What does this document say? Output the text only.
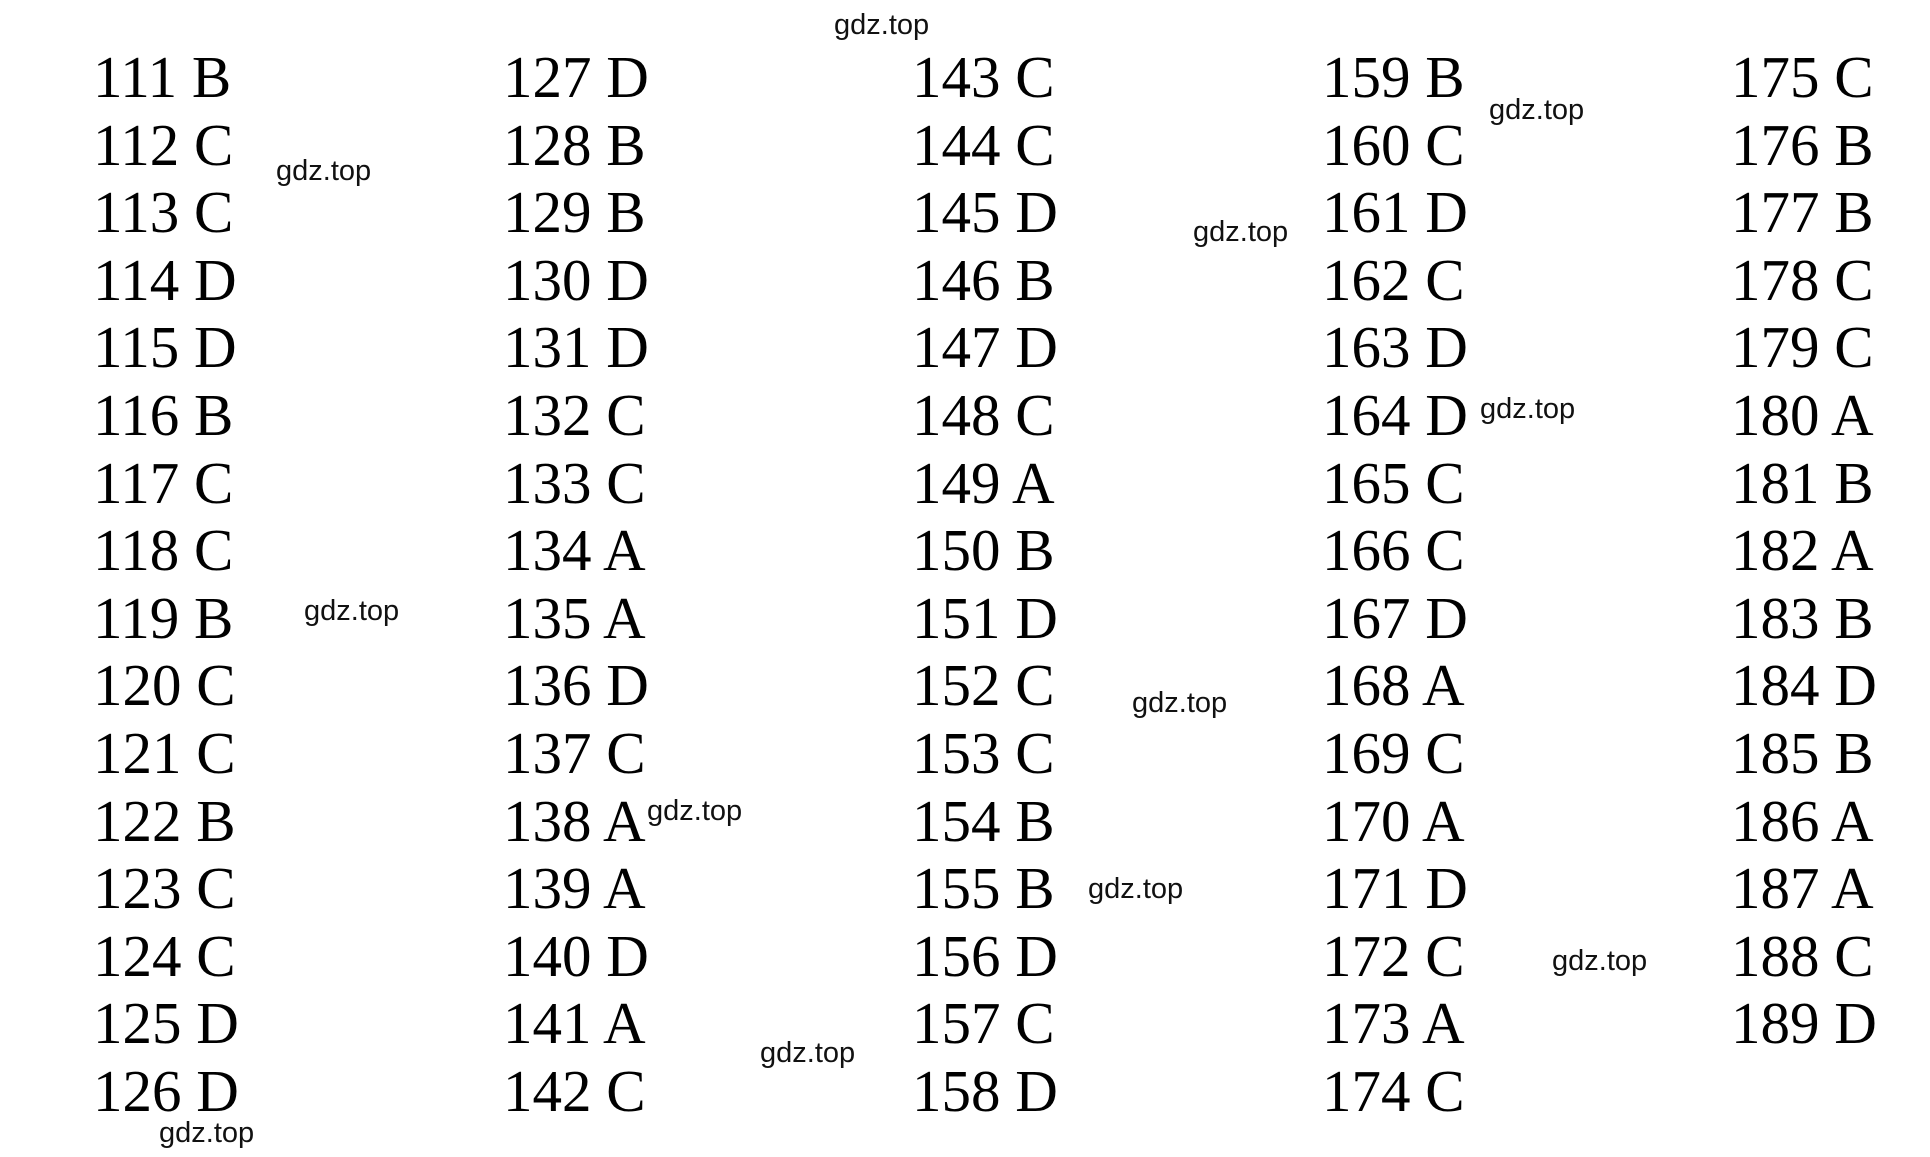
111 B
112 C
113 C
114 D
115 D
116 B
117 C
118 C
119 B
120 C
121 C
122 B
123 C
124 C
125 D
126 D
127 D
128 B
129 B
130 D
131 D
132 C
133 C
134 A
135 A
136 D
137 C
138 A
139 A
140 D
141 A
142 C
143 C
144 C
145 D
146 B
147 D
148 C
149 A
150 B
151 D
152 C
153 C
154 B
155 B
156 D
157 C
158 D
159 B
160 C
161 D
162 C
163 D
164 D
165 C
166 C
167 D
168 A
169 C
170 A
171 D
172 C
173 A
174 C
175 C
176 B
177 B
178 C
179 C
180 A
181 B
182 A
183 B
184 D
185 B
186 A
187 A
188 C
189 D
gdz.top
gdz.top
gdz.top
gdz.top
gdz.top
gdz.top
gdz.top
gdz.top
gdz.top
gdz.top
gdz.top
gdz.top
